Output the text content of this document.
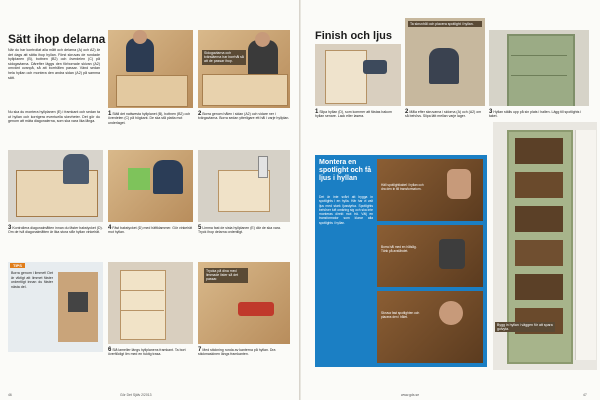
Sätt ihop delarna
När du har kontrollat alla mått och delarna (A) och A2) är det dags att sätta ihop hyllan. Först skruvas de rundade hyllplanen (B), bottnen (B2) och överdelen (C) på sidogavlarna. Därefter läggs den förborrade skivan (A2) omvänt ovanpå, så att borrhålen passar. Vänd sedan hela hyllan och montera den andra sidan (A2) på samma sätt.
Nu ska du montera hyllplanen (E) i framkant och sedan ta ut hyllan och korrigera eventuella skevheter. Det gör du genom att mäta diagonalerna, som ska vara lika långa.
Sidogavlarna och tvärsläerna har borrhål så att de passar ihop.
1Ställ det nattwesta hyllplanet (B), bottnen (B2) och överdelen (C) på högkant. De ska stå platta mot underlaget.
2Borra genom hålen i sidan (A2) och vidare ner i tvärgavlarna. Borra sedan ytterligare ett hål i varje hyllplan.
3Kontrollera diagonalmåtten innan du fäster bakstycket (D). Om de två diagonalmåtten är lika stora står hyllan vinkelrät.
4Fäst bakstycket (D) med häftklammer. Gör vinkelrät mot hyllan.
5Limma fast de sista hyllplanen (E) där de ska vara. Tryck ihop delarna ordentligt.
TIPS
Borra genom i limmet! Det är viktigt att limmet fäster ordentligt innan du fäster nästa del.
Trycka på dina med limmade lister så det passar.
6Slå lameller längs hyllplanens framkant. Ta bort överflödigt lim med en fuktig trasa.
7Med stickning runda av kanterna på hyllan. Dra stickmaskinen längs framkanten.
46	Gör Det Själv 2/2013
Finish och ljus
Ta skruvhål och placera spotlight i hyllan.
1Slipa hyllan (D), som kommer att fästas bakom hyllan senare. Lack eller lasera.
2Måla efter skruvarna i sidorna (A) och (A2) om så behövs. Slipa lätt mellan varje lager.
3Hyllan ställs upp på sin plats i hallen. Lägg till spotlights i taket.
Montera en spotlight och få ljus i hyllan
Det är inte svårt att bygga in spotlights i en hylla. Här har vi valt ljus med stark ljusstyrka. Spotlights behöver luft omkring sig och ska inte monteras direkt mot trä. Välj en transformator som klarar alla spotlights i hyllan.
Häll spotlightkabel i hyllan och dra den in till transformatorn.
Borra hål med en hålsåg. Tänk på avståndet.
Skruva fast spotlighten och placera den i hålet.
Bygg in hyllan i väggen för att spara golvyta.
www.gds.se	47
